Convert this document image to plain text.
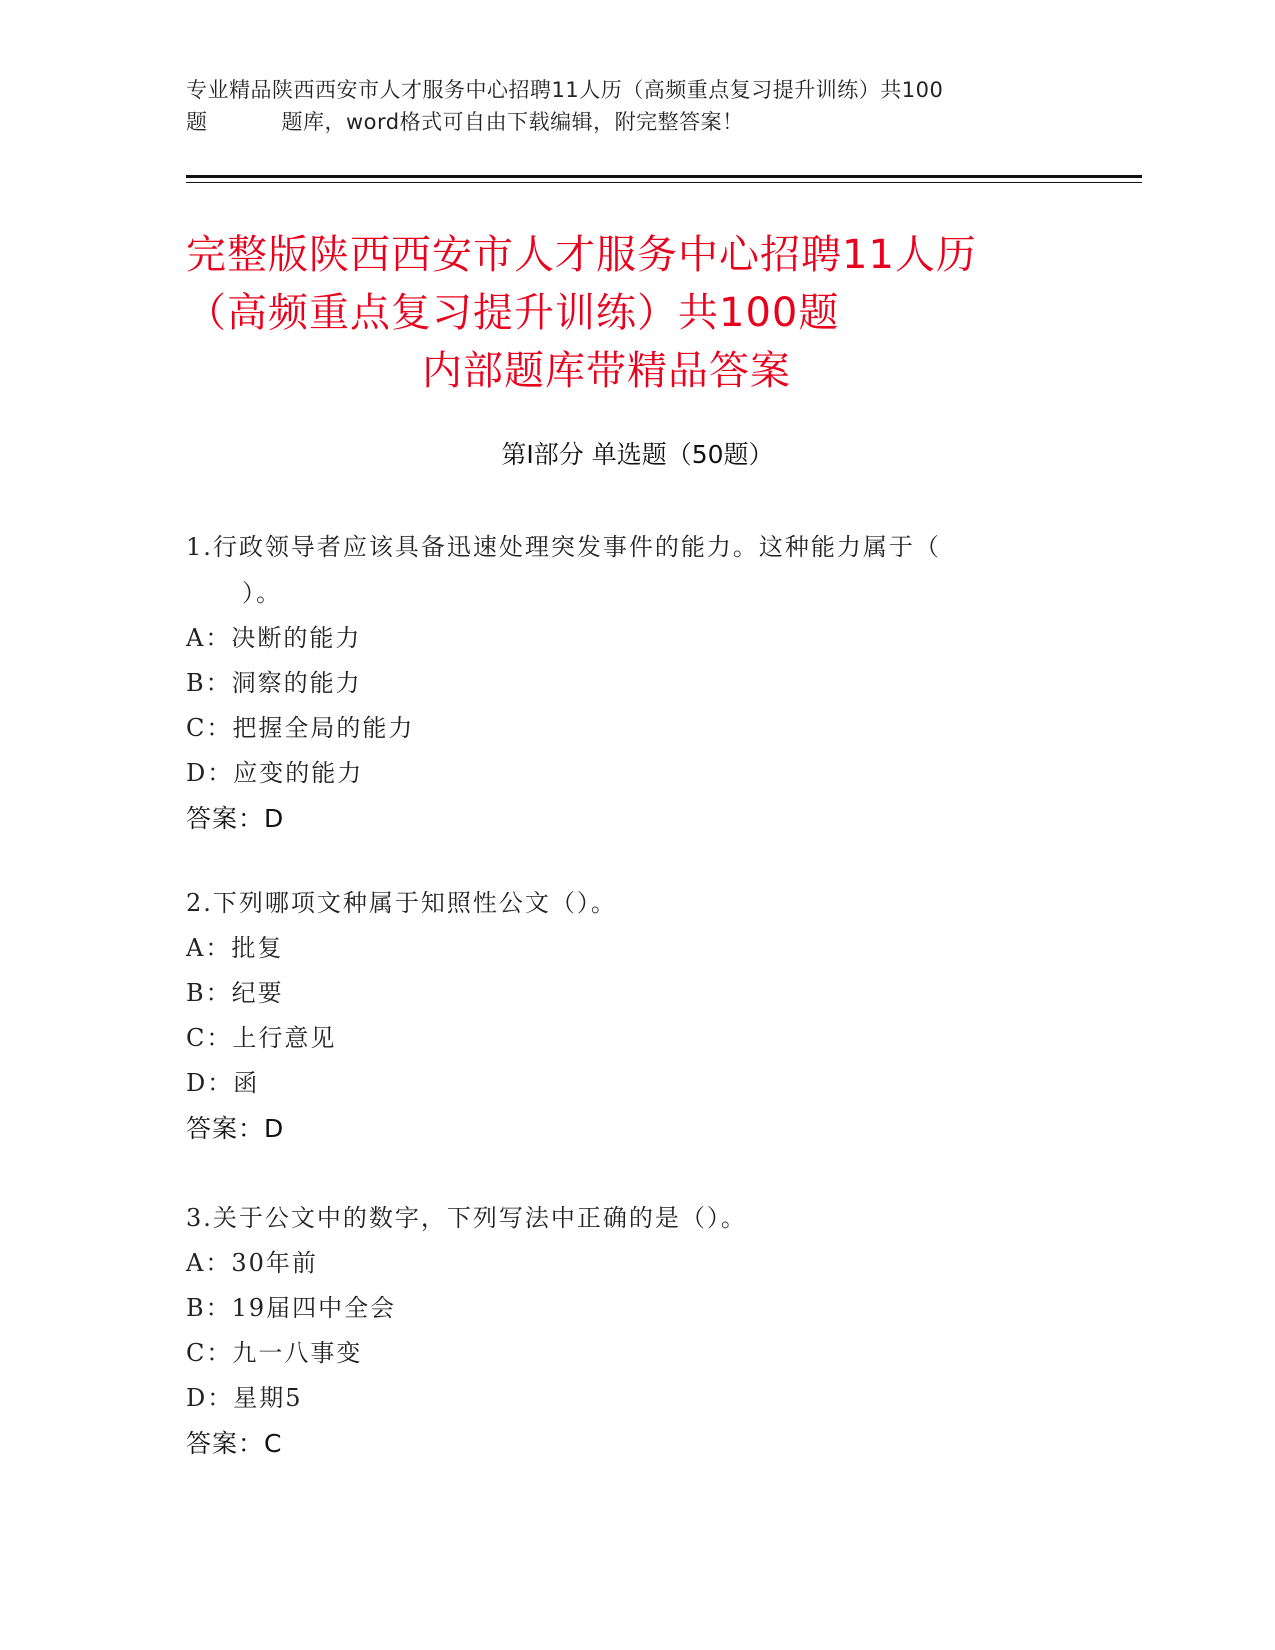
专业精品陕西西安市人才服务中心招聘11人历（高频重点复习提升训练）共100
题	题库，word格式可自由下载编辑，附完整答案！
完整版陕西西安市人才服务中心招聘11人历
（高频重点复习提升训练）共100题
内部题库带精品答案
第Ⅰ部分 单选题（50题）
1.行政领导者应该具备迅速处理突发事件的能力。这种能力属于（
）。
A：决断的能力
B：洞察的能力
C：把握全局的能力
D：应变的能力
答案：D
2.下列哪项文种属于知照性公文（）。
A：批复
B：纪要
C：上行意见
D：函
答案：D
3.关于公文中的数字，下列写法中正确的是（）。
A：30年前
B：19届四中全会
C：九一八事变
D：星期5
答案：C
